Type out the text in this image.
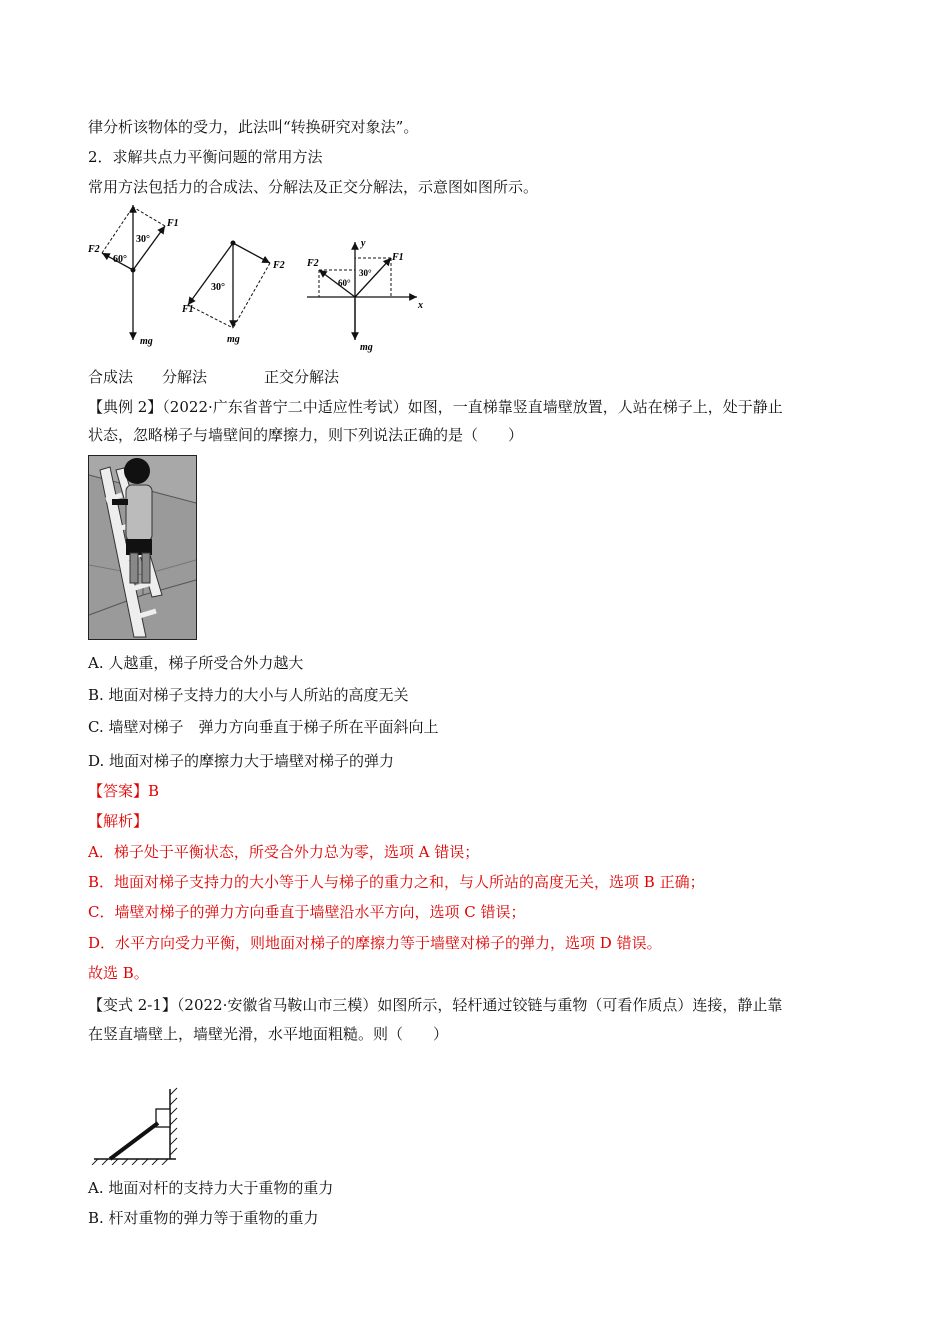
律分析该物体的受力，此法叫“转换研究对象法”。
2．求解共点力平衡问题的常用方法
常用方法包括力的合成法、分解法及正交分解法，示意图如图所示。
F1
F2
30°
60°
mg
F2
F1
30°
mg
F1
F2
30°
60°
y
x
mg
合成法 分解法	正交分解法
【典例 2】（2022·广东省普宁二中适应性考试）如图，一直梯靠竖直墙壁放置，人站在梯子上，处于静止
状态，忽略梯子与墙壁间的摩擦力，则下列说法正确的是（　　）
A. 人越重，梯子所受合外力越大
B. 地面对梯子支持力的大小与人所站的高度无关
C. 墙壁对梯子　弹力方向垂直于梯子所在平面斜向上
D. 地面对梯子的摩擦力大于墙壁对梯子的弹力
【答案】B
【解析】
A．梯子处于平衡状态，所受合外力总为零，选项 A 错误；
B．地面对梯子支持力的大小等于人与梯子的重力之和，与人所站的高度无关，选项 B 正确；
C．墙壁对梯子的弹力方向垂直于墙壁沿水平方向，选项 C 错误；
D．水平方向受力平衡，则地面对梯子的摩擦力等于墙壁对梯子的弹力，选项 D 错误。
故选 B。
【变式 2-1】（2022·安徽省马鞍山市三模）如图所示，轻杆通过铰链与重物（可看作质点）连接，静止靠
在竖直墙壁上，墙壁光滑，水平地面粗糙。则（　　）
A. 地面对杆的支持力大于重物的重力
B. 杆对重物的弹力等于重物的重力
